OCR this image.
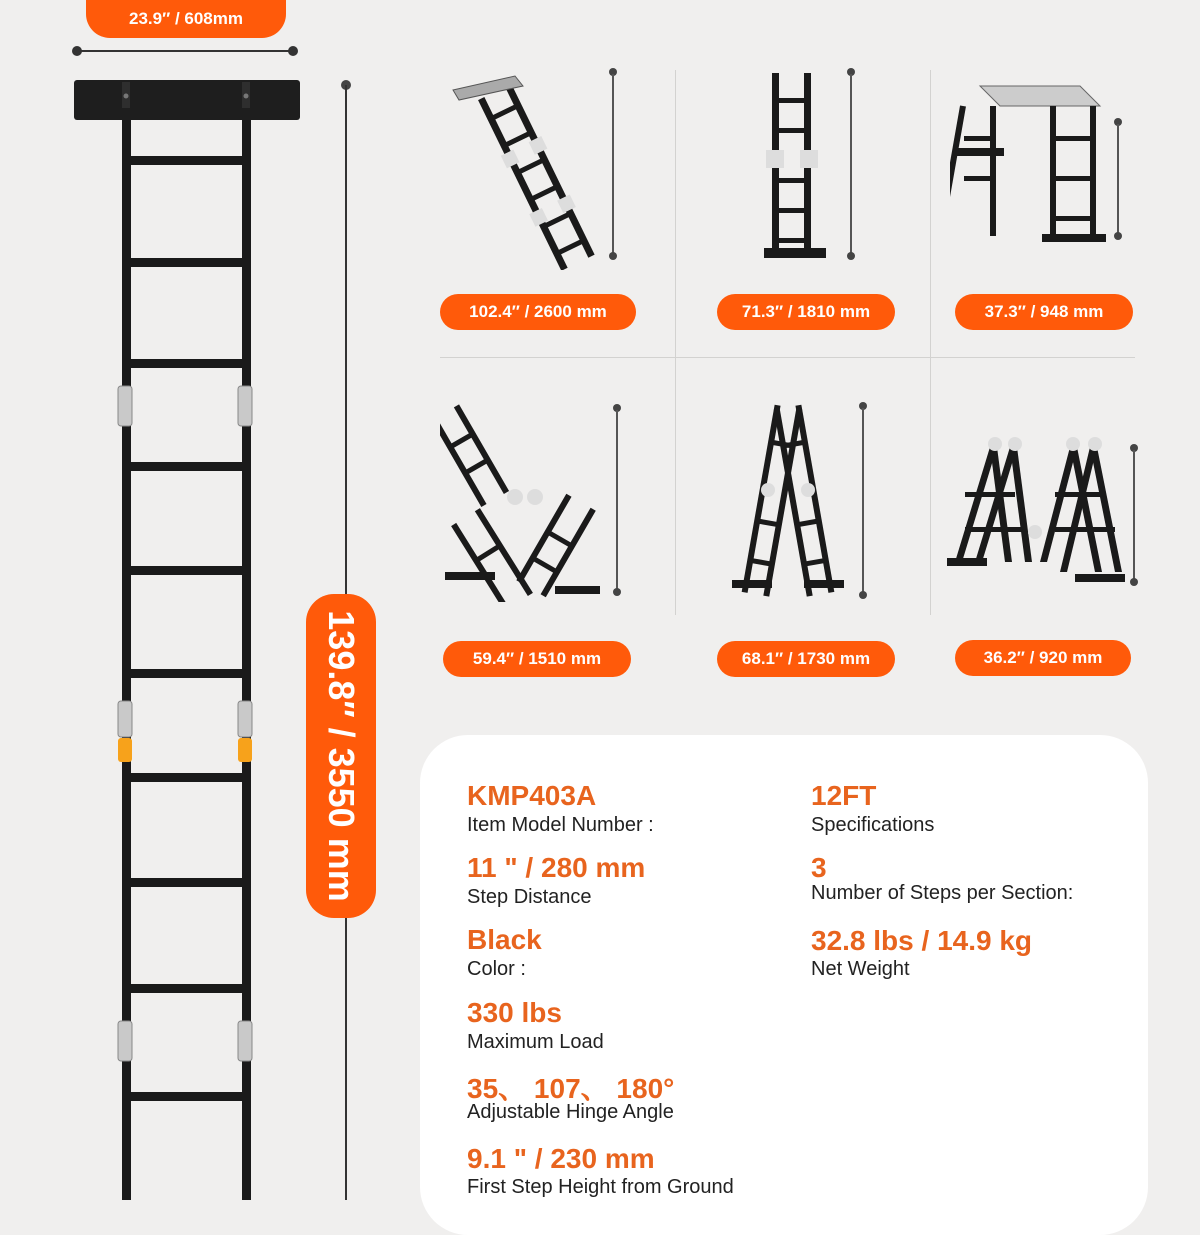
23.9″ / 608mm
139.8″ / 3550 mm
102.4″ / 2600 mm	71.3″ / 1810 mm	37.3″ / 948 mm
59.4″ / 1510 mm	68.1″ / 1730 mm	36.2″ / 920 mm
KMP403A
Item Model Number :
11 " / 280 mm
Step Distance
Black
Color :
330 lbs
Maximum Load
35、 107、 180°
Adjustable Hinge Angle
9.1 " / 230 mm
First Step Height from Ground
12FT
Specifications
3
Number of Steps per Section:
32.8 lbs / 14.9 kg
Net Weight
